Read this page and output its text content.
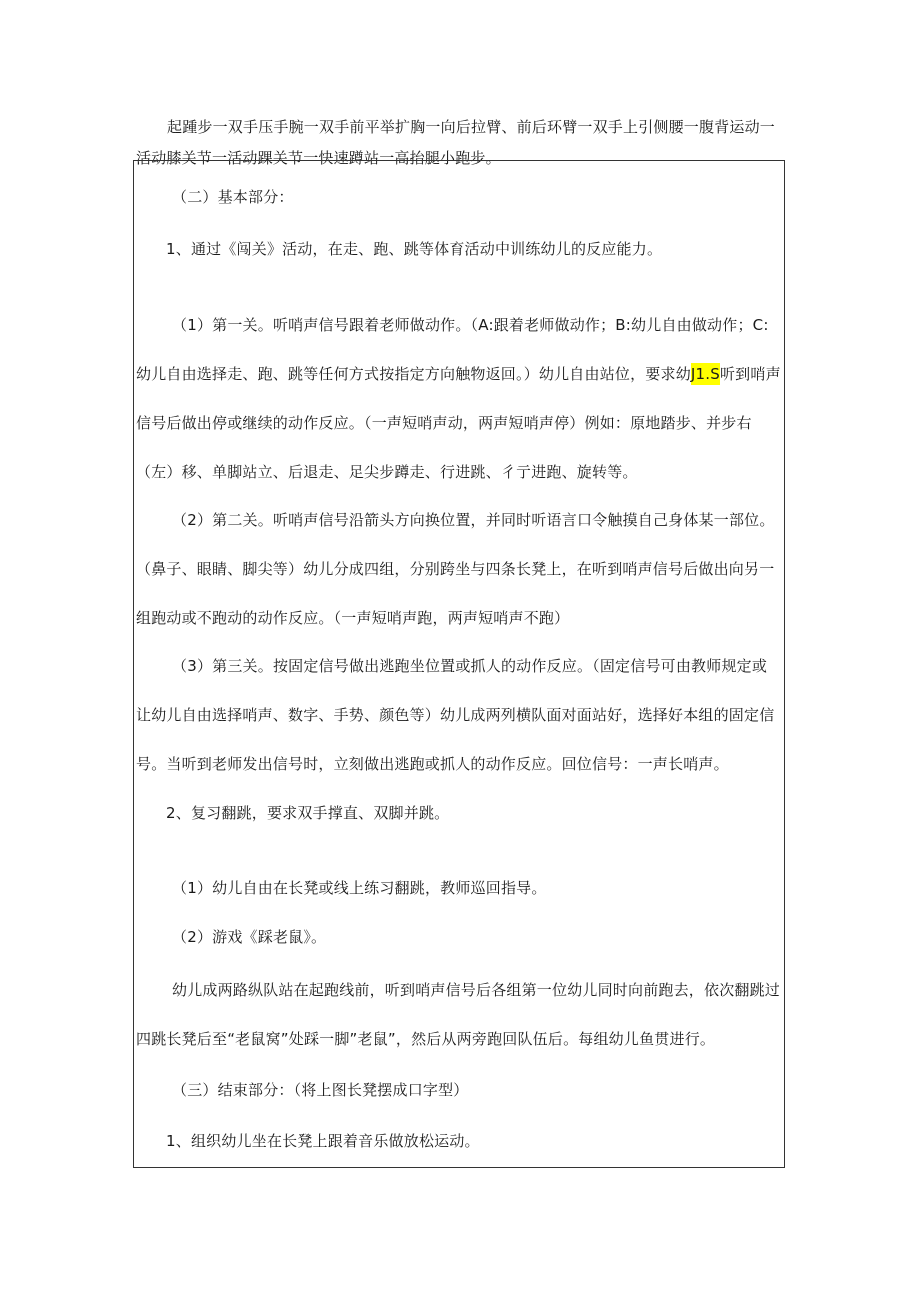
起踵步一双手压手腕一双手前平举扩胸一向后拉臂、前后环臂一双手上引侧腰一腹背运动一活动膝关节一活动踝关节一快速蹲站一高抬腿小跑步。

（二）基本部分：

1、通过《闯关》活动，在走、跑、跳等体育活动中训练幼儿的反应能力。

（1）第一关。听哨声信号跟着老师做动作。（A:跟着老师做动作；B:幼儿自由做动作；C:幼儿自由选择走、跑、跳等任何方式按指定方向触物返回。）幼儿自由站位，要求幼J1.S听到哨声信号后做出停或继续的动作反应。（一声短哨声动，两声短哨声停）例如：原地踏步、并步右（左）移、单脚站立、后退走、足尖步蹲走、行进跳、彳亍进跑、旋转等。

（2）第二关。听哨声信号沿箭头方向换位置，并同时听语言口令触摸自己身体某一部位。（鼻子、眼睛、脚尖等）幼儿分成四组，分别跨坐与四条长凳上，在听到哨声信号后做出向另一组跑动或不跑动的动作反应。（一声短哨声跑，两声短哨声不跑）

（3）第三关。按固定信号做出逃跑坐位置或抓人的动作反应。（固定信号可由教师规定或让幼儿自由选择哨声、数字、手势、颜色等）幼儿成两列横队面对面站好，选择好本组的固定信号。当听到老师发出信号时，立刻做出逃跑或抓人的动作反应。回位信号：一声长哨声。

2、复习翻跳，要求双手撑直、双脚并跳。

（1）幼儿自由在长凳或线上练习翻跳，教师巡回指导。

（2）游戏《踩老鼠》。

幼儿成两路纵队站在起跑线前，听到哨声信号后各组第一位幼儿同时向前跑去，依次翻跳过四跳长凳后至“老鼠窝”处踩一脚”老鼠”，然后从两旁跑回队伍后。每组幼儿鱼贯进行。

（三）结束部分：（将上图长凳摆成口字型）

1、组织幼儿坐在长凳上跟着音乐做放松运动。
